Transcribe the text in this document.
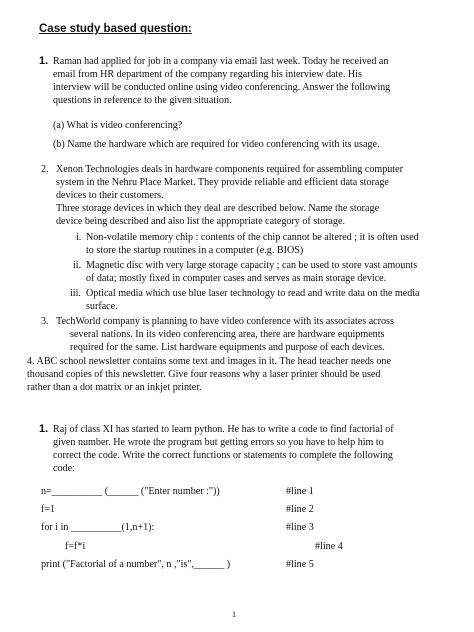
Case study based question:
1. Raman had applied for job in a company via email last week. Today he received an
email from HR department of the company regarding his interview date. His
interview will be conducted online using video conferencing. Answer the following
questions in reference to the given situation.
(a) What is video conferencing?
(b) Name the hardware which are required for video conferencing with its usage.
2. Xenon Technologies deals in hardware components required for assembling computer
system in the Nehru Place Market. They provide reliable and efficient data storage
devices to their customers.
Three storage devices in which they deal are described below. Name the storage
device being described and also list the appropriate category of storage.
i. Non-volatile memory chip : contents of the chip cannot be altered ; it is often used
to store the startup routines in a computer (e.g. BIOS)
ii. Magnetic disc with very large storage capacity ; can be used to store vast amounts
of data; mostly fixed in computer cases and serves as main storage device.
iii. Optical media which use blue laser technology to read and write data on the media
surface.
3. TechWorld company is planning to have video conference with its associates across
several nations. In its video conferencing area, there are hardware equipments
required for the same. List hardware equipments and purpose of each devices.
4. ABC school newsletter contains some text and images in it. The head teacher needs one
thousand copies of this newsletter. Give four reasons why a laser printer should be used
rather than a dot matrix or an inkjet printer.
1. Raj of class XI has started to learn python. He has to write a code to find factorial of
given number. He wrote the program but getting errors so you have to help him to
correct the code. Write the correct functions or statements to complete the following
code:
n=__________ (______ ("Enter number :"))	#line 1
f=1	#line 2
for i in __________(1,n+1):	#line 3
f=f*i	#line 4
print ("Factorial of a number", n ,"is",______ )	#line 5
1
